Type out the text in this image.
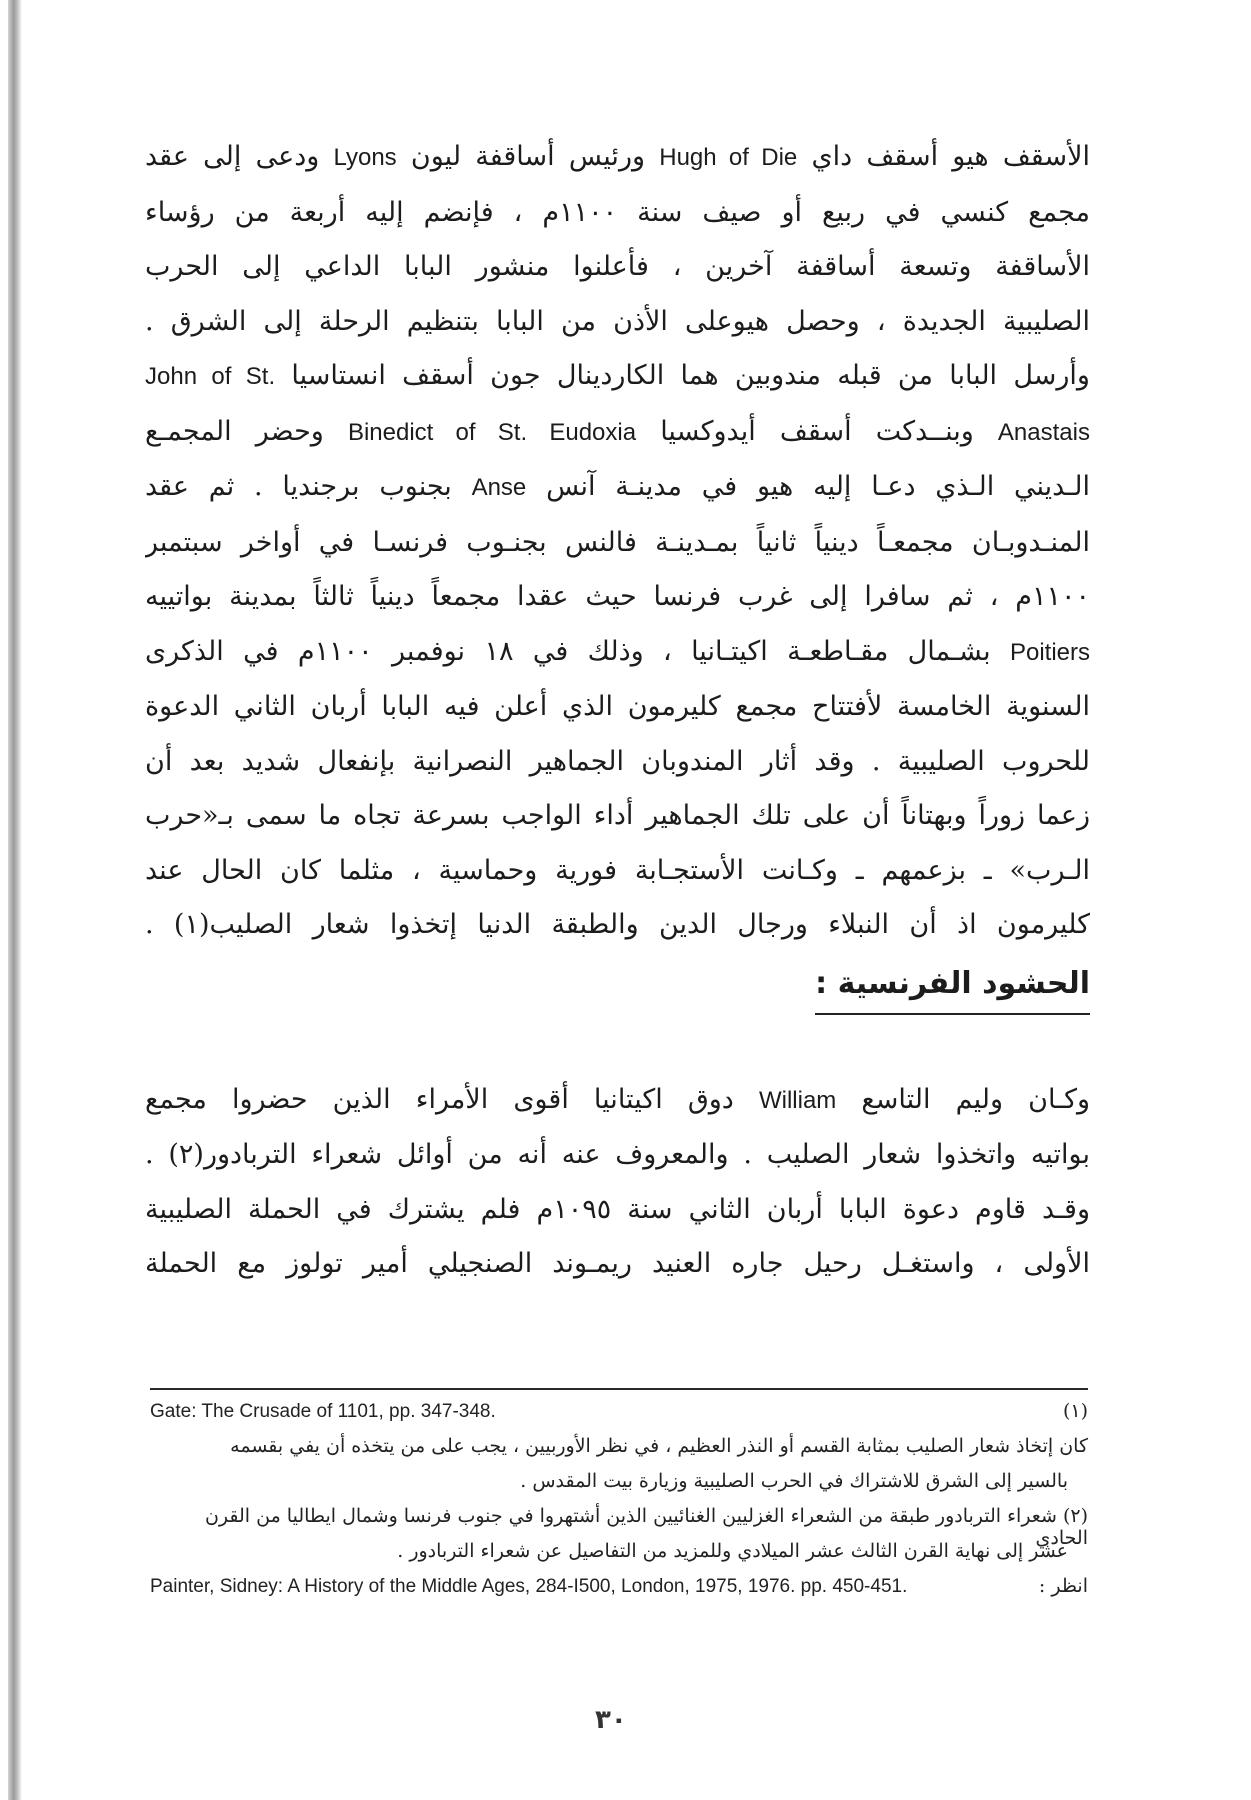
الأسقف هيو أسقف داي Hugh of Die ورئيس أساقفة ليون Lyons ودعى إلى عقد
مجمع كنسي في ربيع أو صيف سنة ١١٠٠م ، فإنضم إليه أربعة من رؤساء
الأساقفة وتسعة أساقفة آخرين ، فأعلنوا منشور البابا الداعي إلى الحرب
الصليبية الجديدة ، وحصل هيوعلى الأذن من البابا بتنظيم الرحلة إلى الشرق .
وأرسل البابا من قبله مندوبين هما الكاردينال جون أسقف انستاسيا John of St.
Anastais وبنــدكت أسقف أيدوكسيا Binedict of St. Eudoxia وحضر المجمـع
الـديني الـذي دعـا إليه هيو في مدينـة آنس Anse بجنوب برجنديا . ثم عقد
المنـدوبـان مجمعـاً دينياً ثانياً بمـدينـة فالنس بجنـوب فرنسـا في أواخر سبتمبر
١١٠٠م ، ثم سافرا إلى غرب فرنسا حيث عقدا مجمعاً دينياً ثالثاً بمدينة بواتييه
Poitiers بشـمال مقـاطعـة اكيتـانيا ، وذلك في ١٨ نوفمبر ١١٠٠م في الذكرى
السنوية الخامسة لأفتتاح مجمع كليرمون الذي أعلن فيه البابا أربان الثاني الدعوة
للحروب الصليبية . وقد أثار المندوبان الجماهير النصرانية بإنفعال شديد بعد أن
زعما زوراً وبهتاناً أن على تلك الجماهير أداء الواجب بسرعة تجاه ما سمى بـ«حرب
الـرب» ـ بزعمهم ـ وكـانت الأستجـابة فورية وحماسية ، مثلما كان الحال عند
كليرمون اذ أن النبلاء ورجال الدين والطبقة الدنيا إتخذوا شعار الصليب(١) .
الحشود الفرنسية :
وكـان وليم التاسع William دوق اكيتانيا أقوى الأمراء الذين حضروا مجمع
بواتيه واتخذوا شعار الصليب . والمعروف عنه أنه من أوائل شعراء التربادور(٢) .
وقـد قاوم دعوة البابا أربان الثاني سنة ١٠٩٥م فلم يشترك في الحملة الصليبية
الأولى ، واستغـل رحيل جاره العنيد ريمـوند الصنجيلي أمير تولوز مع الحملة
(١)
Gate: The Crusade of 1101, pp. 347-348.
كان إتخاذ شعار الصليب بمثابة القسم أو النذر العظيم ، في نظر الأوربيين ، يجب على من يتخذه أن يفي بقسمه
بالسير إلى الشرق للاشتراك في الحرب الصليبية وزيارة بيت المقدس .
(٢) شعراء التربادور طبقة من الشعراء الغزليين الغنائيين الذين أشتهروا في جنوب فرنسا وشمال ايطاليا من القرن الحادي
عشر إلى نهاية القرن الثالث عشر الميلادي وللمزيد من التفاصيل عن شعراء التربادور .
انظر :
Painter, Sidney: A History of the Middle Ages, 284-I500, London, 1975, 1976. pp. 450-451.
٣٠
